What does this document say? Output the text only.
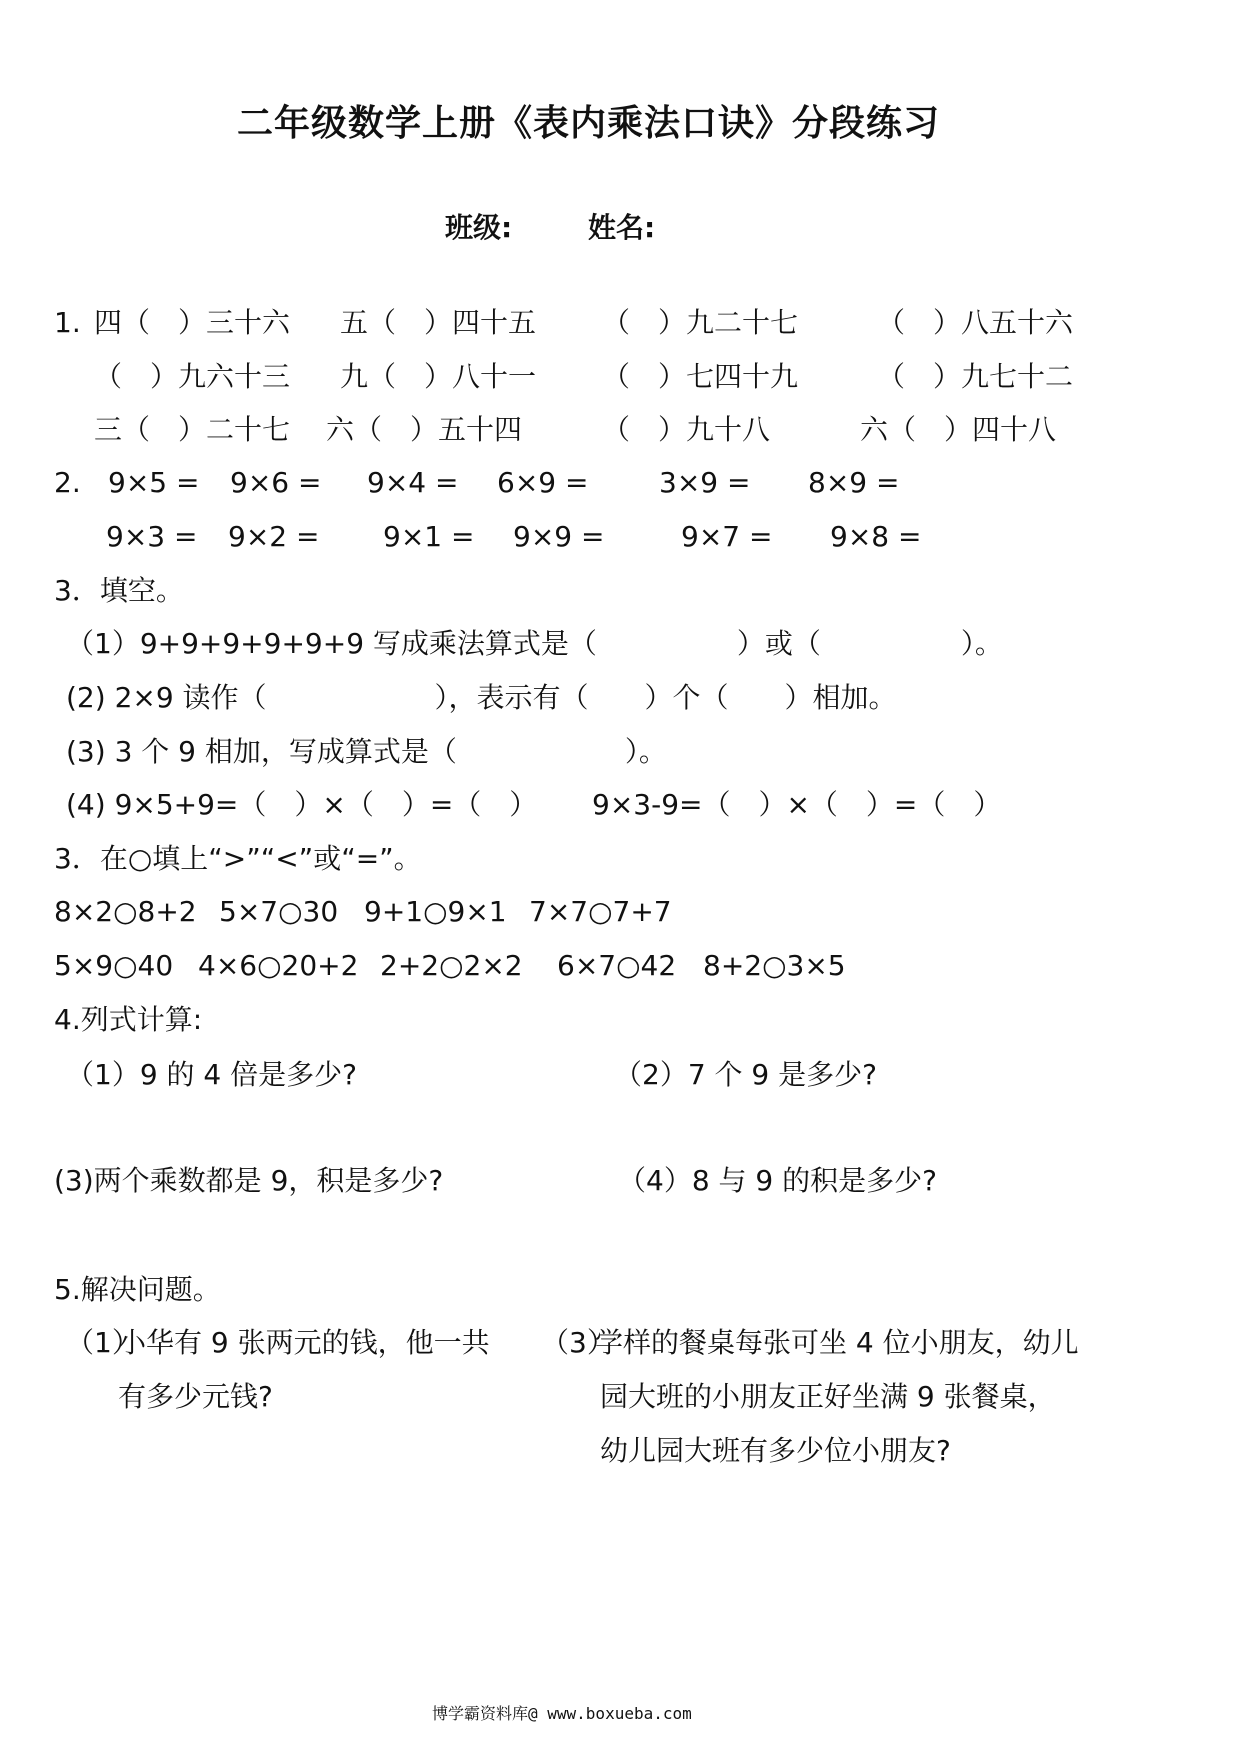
二年级数学上册《表内乘法口诀》分段练习
班级:	姓名:
1. 四（　）三十六 五（　）四十五 （　）九二十七	（　）八五十六
（　）九六十三 九（　）八十一 （　）七四十九	（　）九七十二
三（　）二十七 六（　）五十四	（　）九十八	六（　）四十八
2. 9×5 = 9×6 = 9×4 = 6×9 =	3×9 = 8×9 =
9×3 = 9×2 = 9×1 = 9×9 =	9×7 = 9×8 =
3．填空。
（1）9+9+9+9+9+9 写成乘法算式是（　　　　　）或（　　　　　）。
(2) 2×9 读作（　　　　　　），表示有（　　）个（　　）相加。
(3) 3 个 9 相加，写成算式是（　　　　　　）。
(4) 9×5+9=（　）×（　）=（　） 9×3-9=（　）×（　）=（　）
3．在○填上“>”“<”或“=”。
8×2○8+2 5×7○30 9+1○9×1 7×7○7+7
5×9○40 4×6○20+2 2+2○2×2 6×7○42 8+2○3×5
4.列式计算:
（1）9 的 4 倍是多少?	（2）7 个 9 是多少?
(3)两个乘数都是 9，积是多少?	（4）8 与 9 的积是多少?
5.解决问题。
（1）
小华有 9 张两元的钱，他一共
有多少元钱?
（3）
学样的餐桌每张可坐 4 位小朋友，幼儿
园大班的小朋友正好坐满 9 张餐桌，
幼儿园大班有多少位小朋友?
博学霸资料库@ www.boxueba.com
